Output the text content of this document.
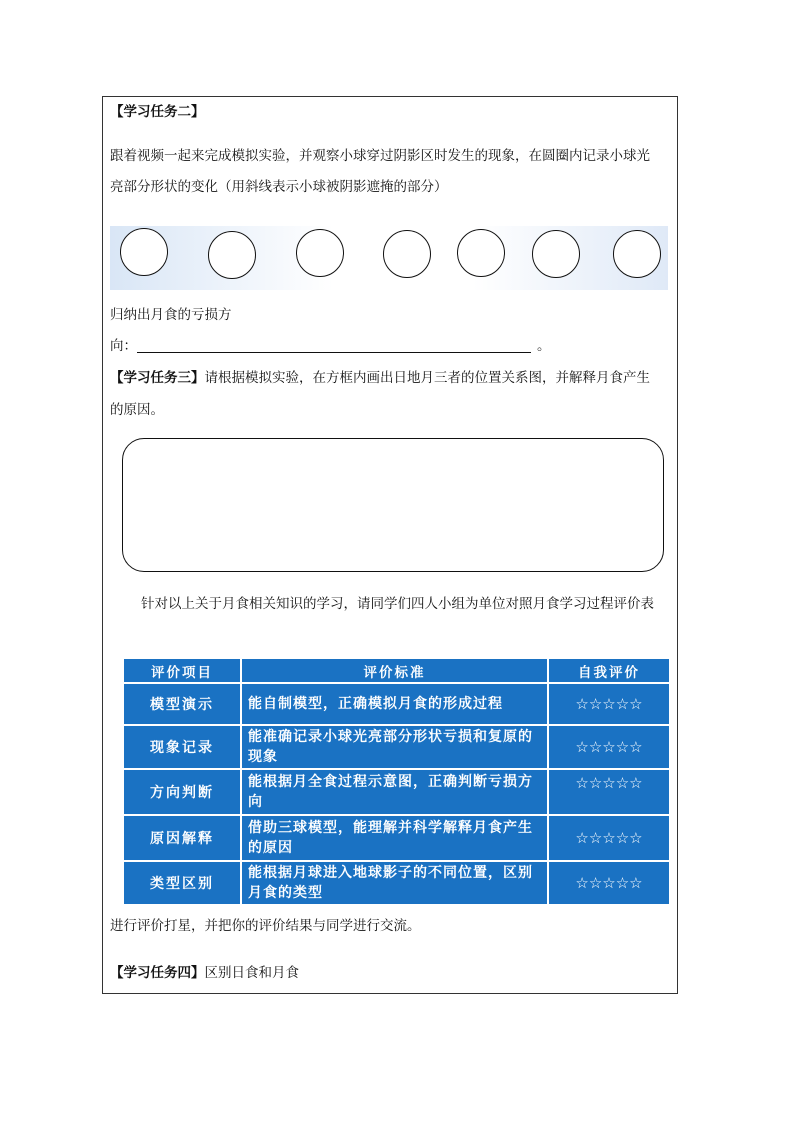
【学习任务二】
跟着视频一起来完成模拟实验，并观察小球穿过阴影区时发生的现象，在圆圈内记录小球光
亮部分形状的变化（用斜线表示小球被阴影遮掩的部分）
归纳出月食的亏损方
向：	。
【学习任务三】请根据模拟实验，在方框内画出日地月三者的位置关系图，并解释月食产生
的原因。
针对以上关于月食相关知识的学习，请同学们四人小组为单位对照月食学习过程评价表
评价项目	评价标准	自我评价
模型演示	能自制模型，正确模拟月食的形成过程	☆☆☆☆☆
现象记录	能准确记录小球光亮部分形状亏损和复原的现象	☆☆☆☆☆
方向判断	能根据月全食过程示意图，正确判断亏损方向	☆☆☆☆☆
原因解释	借助三球模型，能理解并科学解释月食产生的原因	☆☆☆☆☆
类型区别	能根据月球进入地球影子的不同位置，区别月食的类型	☆☆☆☆☆
进行评价打星，并把你的评价结果与同学进行交流。
【学习任务四】区别日食和月食
